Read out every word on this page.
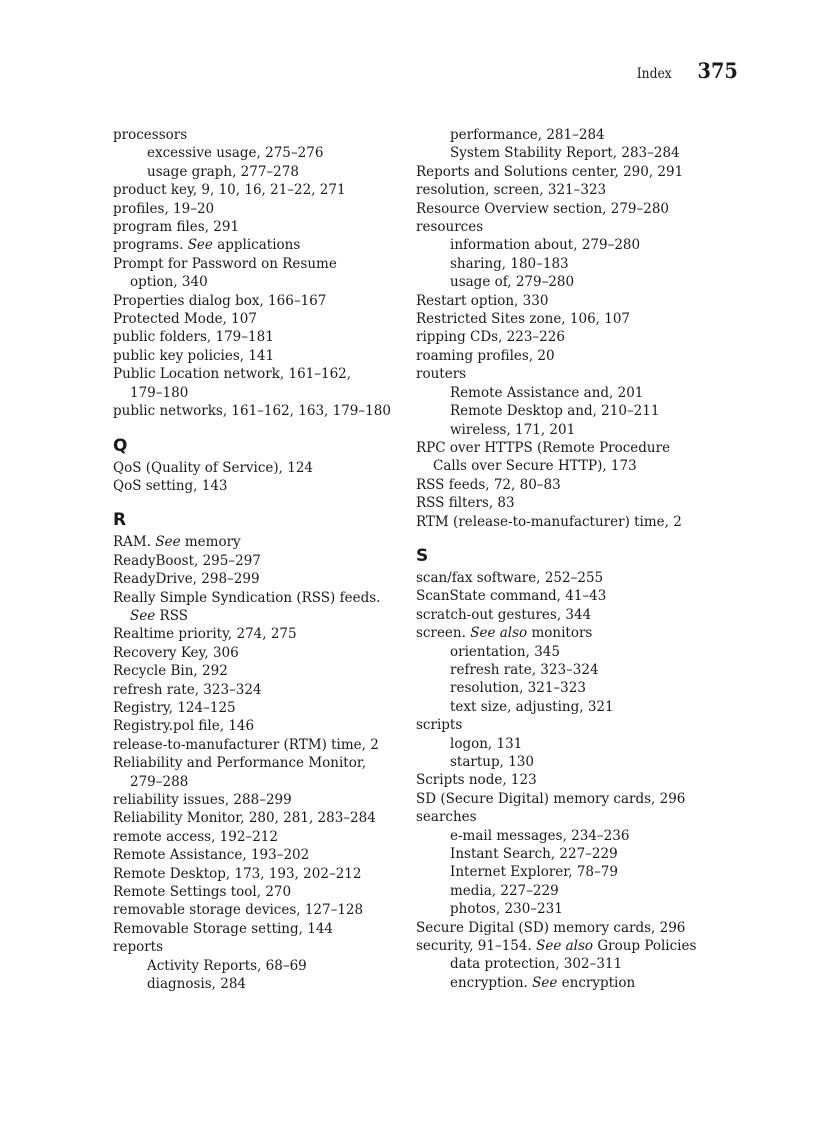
Index 375
processors
excessive usage, 275–276
usage graph, 277–278
product key, 9, 10, 16, 21–22, 271
profiles, 19–20
program files, 291
programs. See applications
Prompt for Password on Resume
option, 340
Properties dialog box, 166–167
Protected Mode, 107
public folders, 179–181
public key policies, 141
Public Location network, 161–162,
179–180
public networks, 161–162, 163, 179–180
Q
QoS (Quality of Service), 124
QoS setting, 143
R
RAM. See memory
ReadyBoost, 295–297
ReadyDrive, 298–299
Really Simple Syndication (RSS) feeds.
See RSS
Realtime priority, 274, 275
Recovery Key, 306
Recycle Bin, 292
refresh rate, 323–324
Registry, 124–125
Registry.pol file, 146
release-to-manufacturer (RTM) time, 2
Reliability and Performance Monitor,
279–288
reliability issues, 288–299
Reliability Monitor, 280, 281, 283–284
remote access, 192–212
Remote Assistance, 193–202
Remote Desktop, 173, 193, 202–212
Remote Settings tool, 270
removable storage devices, 127–128
Removable Storage setting, 144
reports
Activity Reports, 68–69
diagnosis, 284
performance, 281–284
System Stability Report, 283–284
Reports and Solutions center, 290, 291
resolution, screen, 321–323
Resource Overview section, 279–280
resources
information about, 279–280
sharing, 180–183
usage of, 279–280
Restart option, 330
Restricted Sites zone, 106, 107
ripping CDs, 223–226
roaming profiles, 20
routers
Remote Assistance and, 201
Remote Desktop and, 210–211
wireless, 171, 201
RPC over HTTPS (Remote Procedure
Calls over Secure HTTP), 173
RSS feeds, 72, 80–83
RSS filters, 83
RTM (release-to-manufacturer) time, 2
S
scan/fax software, 252–255
ScanState command, 41–43
scratch-out gestures, 344
screen. See also monitors
orientation, 345
refresh rate, 323–324
resolution, 321–323
text size, adjusting, 321
scripts
logon, 131
startup, 130
Scripts node, 123
SD (Secure Digital) memory cards, 296
searches
e-mail messages, 234–236
Instant Search, 227–229
Internet Explorer, 78–79
media, 227–229
photos, 230–231
Secure Digital (SD) memory cards, 296
security, 91–154. See also Group Policies
data protection, 302–311
encryption. See encryption
